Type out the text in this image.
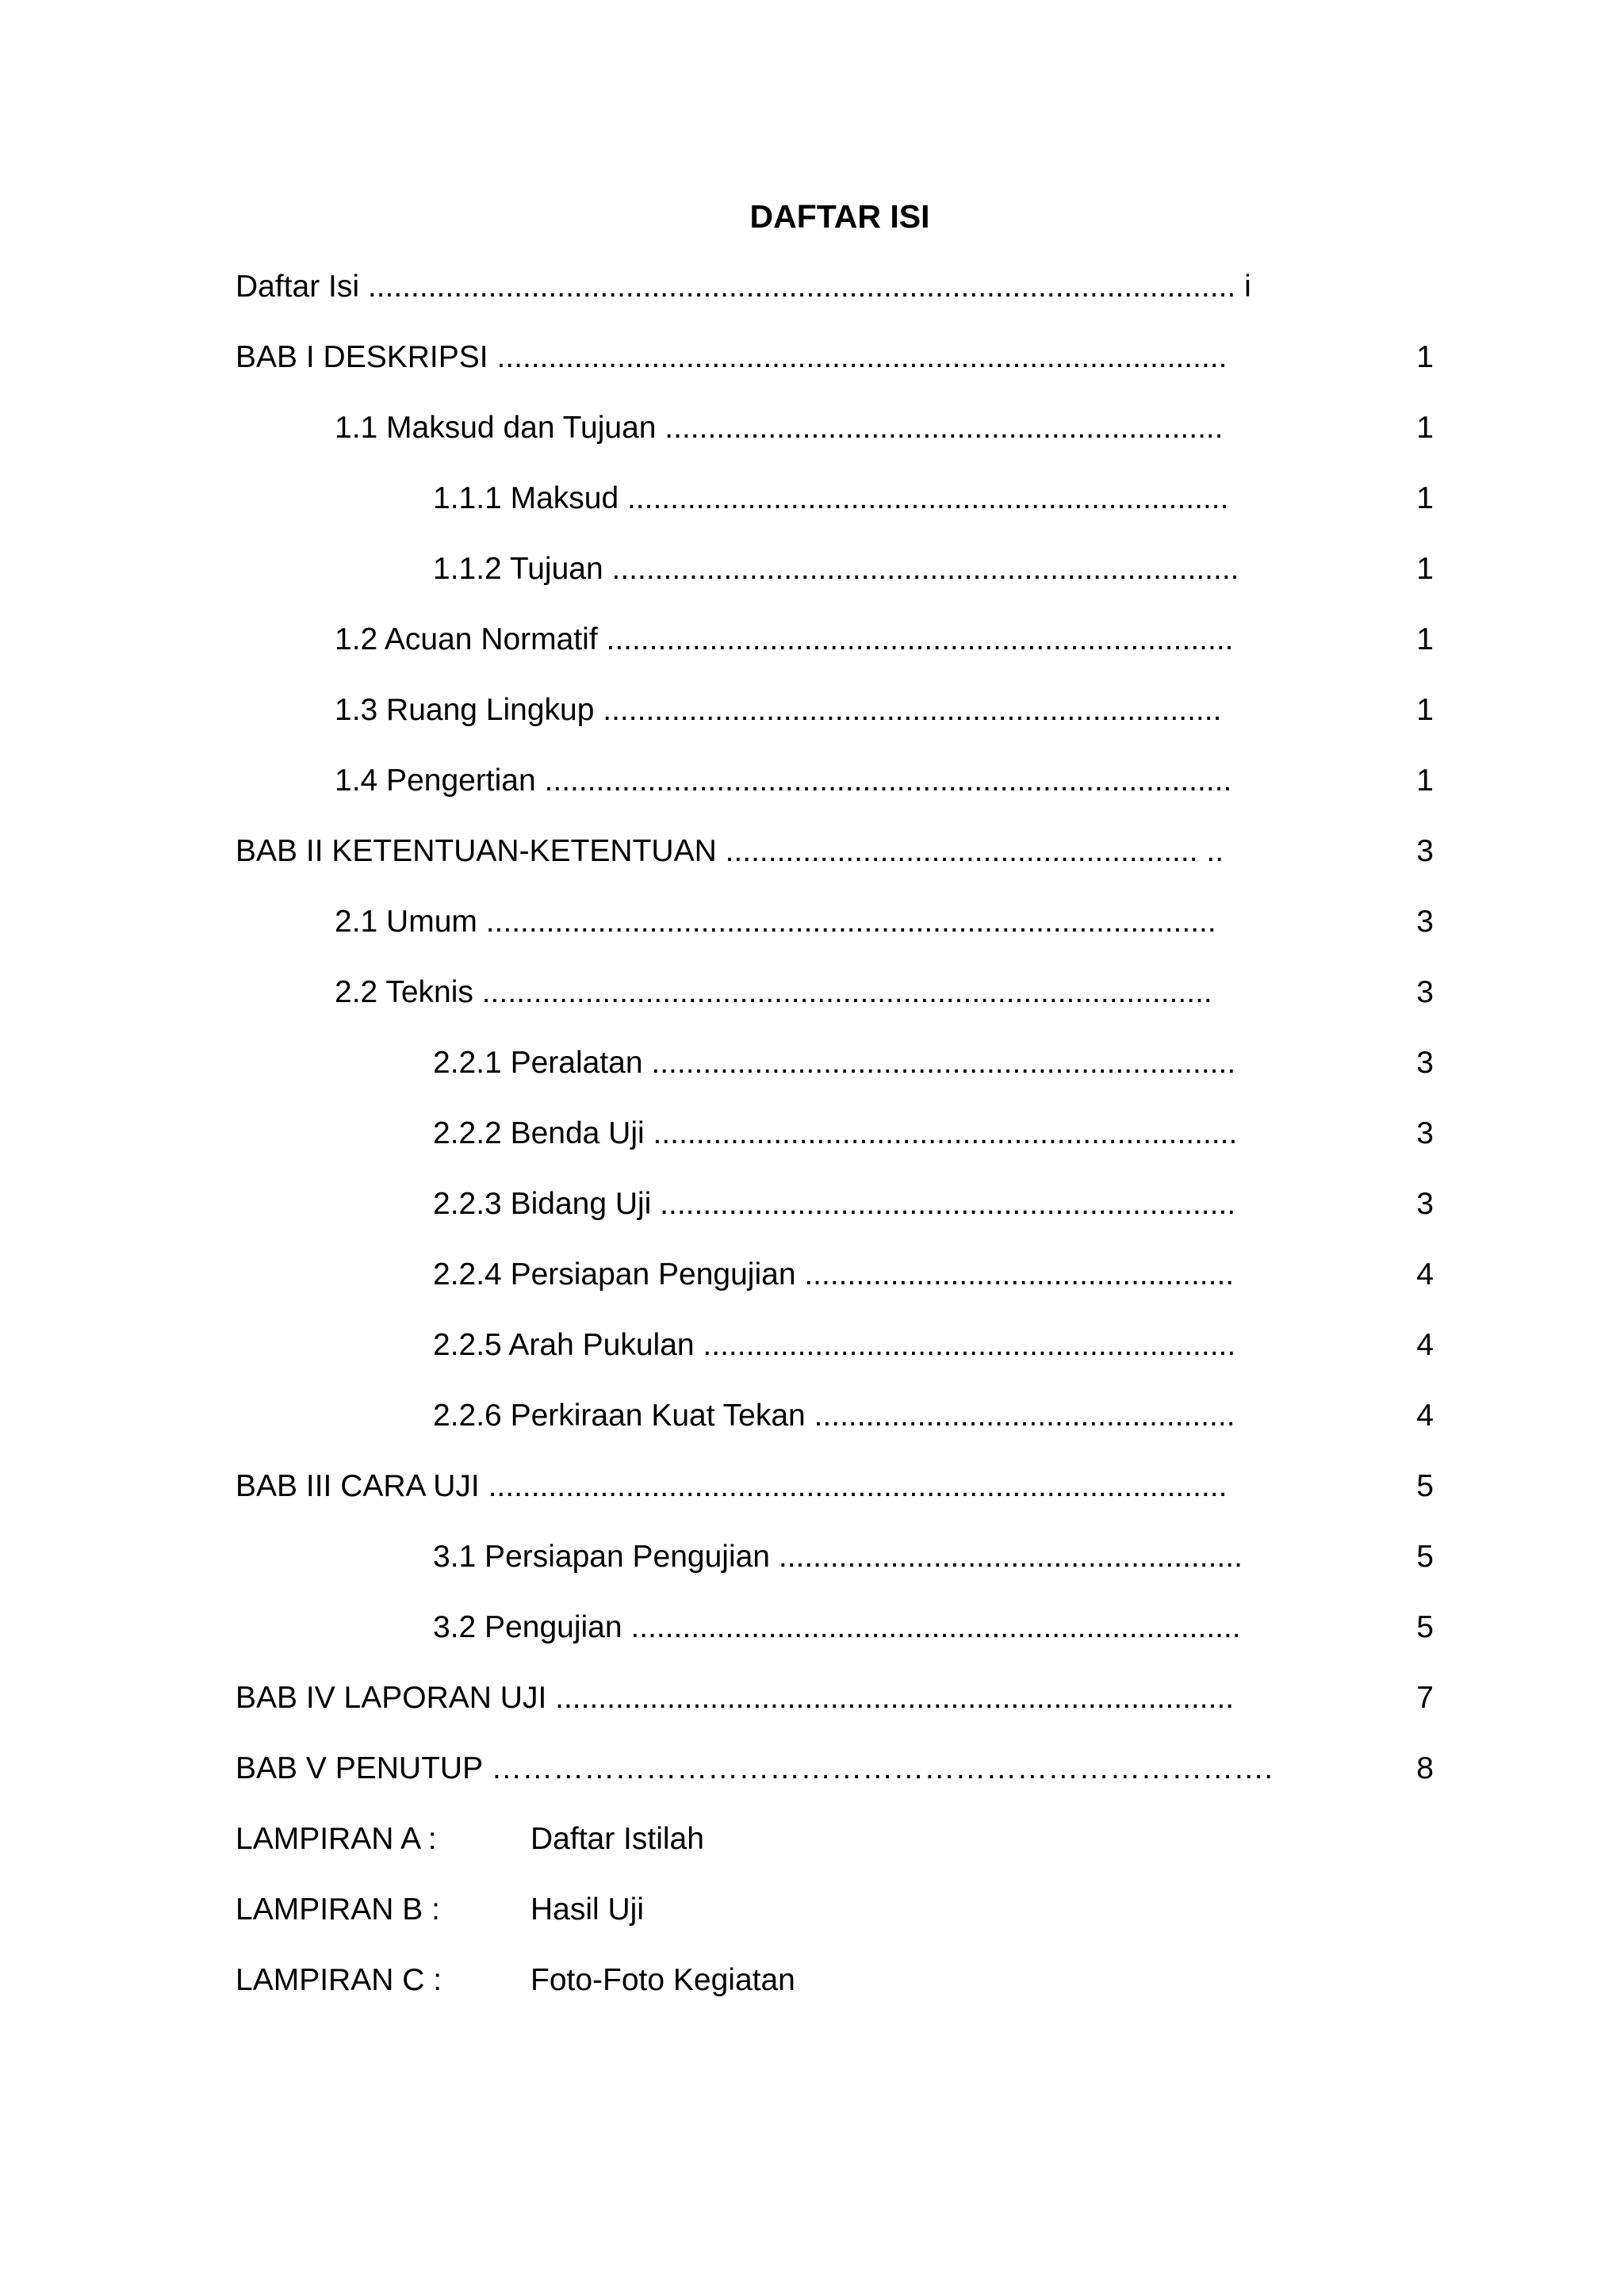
DAFTAR ISI
Daftar Isi ..................................................................................................... i
BAB I DESKRIPSI .....................................................................................	1
1.1 Maksud dan Tujuan .................................................................	1
1.1.1 Maksud ......................................................................	1
1.1.2 Tujuan .........................................................................	1
1.2 Acuan Normatif .........................................................................	1
1.3 Ruang Lingkup ........................................................................	1
1.4 Pengertian ................................................................................	1
BAB II KETENTUAN-KETENTUAN ....................................................... ..	3
2.1 Umum .....................................................................................	3
2.2 Teknis .....................................................................................	3
2.2.1 Peralatan ....................................................................	3
2.2.2 Benda Uji ....................................................................	3
2.2.3 Bidang Uji ...................................................................	3
2.2.4 Persiapan Pengujian ..................................................	4
2.2.5 Arah Pukulan ..............................................................	4
2.2.6 Perkiraan Kuat Tekan .................................................	4
BAB III CARA UJI ......................................................................................	5
3.1 Persiapan Pengujian ......................................................	5
3.2 Pengujian .......................................................................	5
BAB IV LAPORAN UJI ...............................................................................	7
BAB V PENUTUP ………………………………………………………………….	8
LAMPIRAN A :	Daftar Istilah
LAMPIRAN B :	Hasil Uji
LAMPIRAN C :	Foto-Foto Kegiatan
